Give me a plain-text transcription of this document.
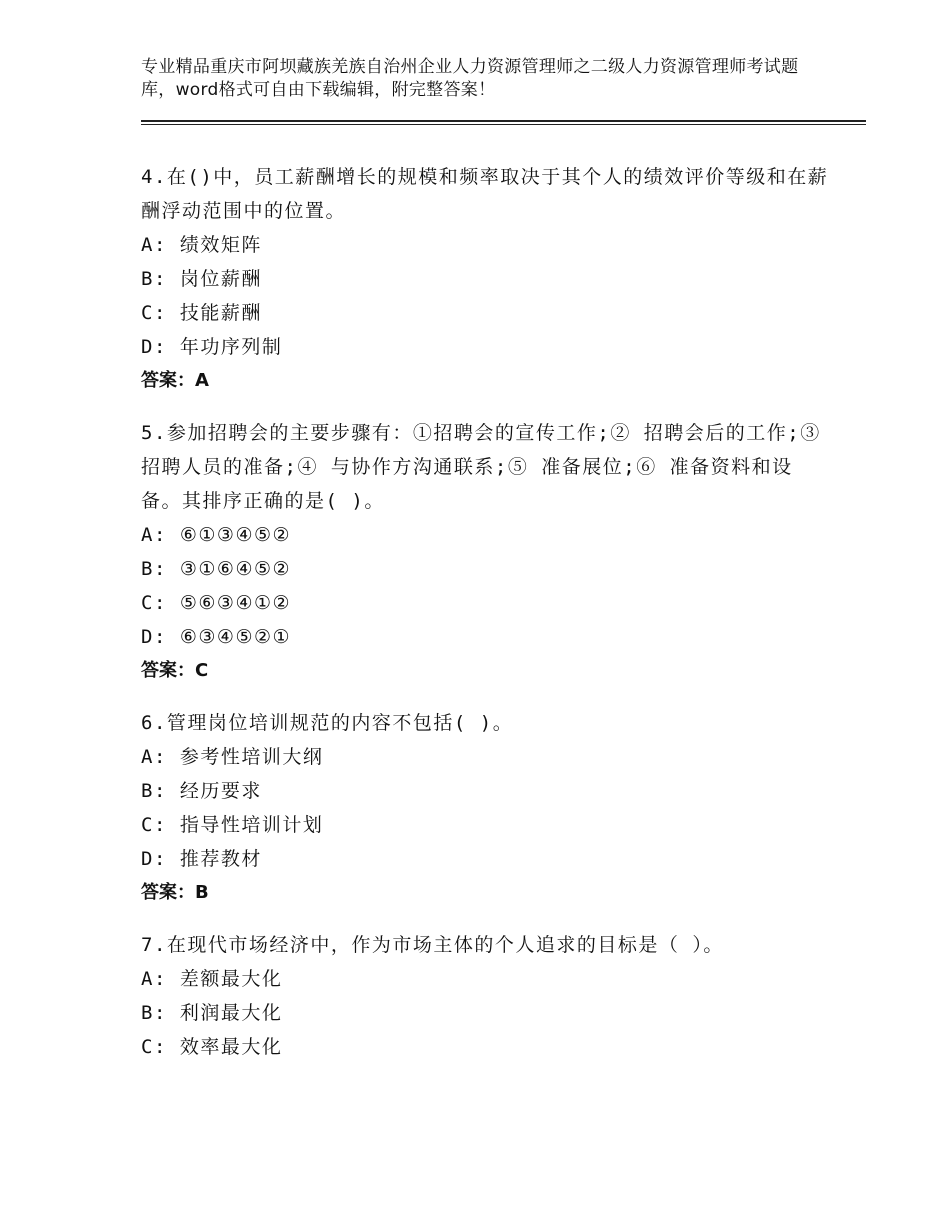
专业精品重庆市阿坝藏族羌族自治州企业人力资源管理师之二级人力资源管理师考试题库，word格式可自由下载编辑，附完整答案！

4.在()中，员工薪酬增长的规模和频率取决于其个人的绩效评价等级和在薪酬浮动范围中的位置。

A: 绩效矩阵

B: 岗位薪酬

C: 技能薪酬

D: 年功序列制

答案：A

5.参加招聘会的主要步骤有：①招聘会的宣传工作;② 招聘会后的工作;③ 招聘人员的准备;④ 与协作方沟通联系;⑤ 准备展位;⑥ 准备资料和设备。其排序正确的是( )。

A: ⑥①③④⑤②

B: ③①⑥④⑤②

C: ⑤⑥③④①②

D: ⑥③④⑤②①

答案：C

6.管理岗位培训规范的内容不包括( )。

A: 参考性培训大纲

B: 经历要求

C: 指导性培训计划

D: 推荐教材

答案：B

7.在现代市场经济中，作为市场主体的个人追求的目标是（ ）。

A: 差额最大化

B: 利润最大化

C: 效率最大化
